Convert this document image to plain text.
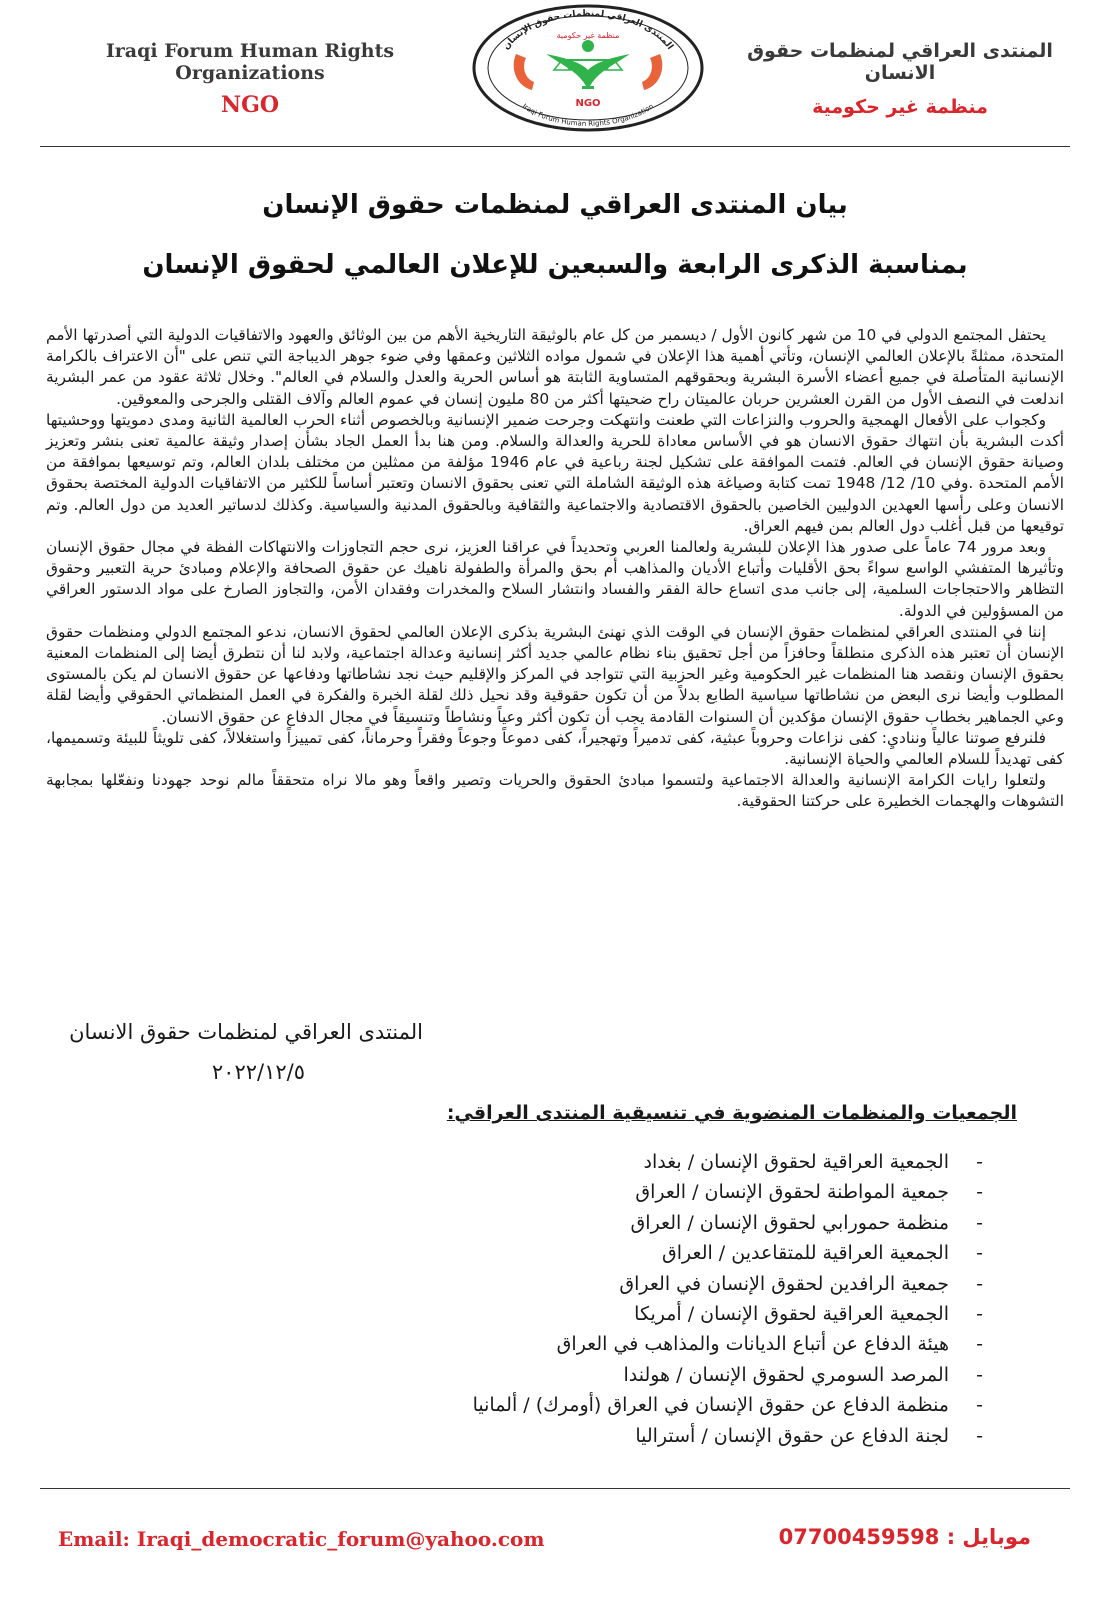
Iraqi Forum Human Rights Organizations
NGO
المنتدى العراقي لمنظمات حقوق الإنسان
منظمة غير حكومية
NGO
Iraqi Forum Human Rights Organization
المنتدى العراقي لمنظمات حقوق الانسان
منظمة غير حكومية
بيان المنتدى العراقي لمنظمات حقوق الإنسان
بمناسبة الذكرى الرابعة والسبعين للإعلان العالمي لحقوق الإنسان

يحتفل المجتمع الدولي في 10 من شهر كانون الأول / ديسمبر من كل عام بالوثيقة التاريخية الأهم من بين الوثائق والعهود والاتفاقيات الدولية التي أصدرتها الأمم المتحدة، ممثلةً بالإعلان العالمي الإنسان، وتأتي أهمية هذا الإعلان في شمول مواده الثلاثين وعمقها وفي ضوء جوهر الديباجة التي تنص على "أن الاعتراف بالكرامة الإنسانية المتأصلة في جميع أعضاء الأسرة البشرية وبحقوقهم المتساوية الثابتة هو أساس الحرية والعدل والسلام في العالم". وخلال ثلاثة عقود من عمر البشرية اندلعت في النصف الأول من القرن العشرين حربان عالميتان راح ضحيتها أكثر من 80 مليون إنسان في عموم العالم وآلاف القتلى والجرحى والمعوقين.

وكجواب على الأفعال الهمجية والحروب والنزاعات التي طعنت وانتهكت وجرحت ضمير الإنسانية وبالخصوص أثناء الحرب العالمية الثانية ومدى دمويتها ووحشيتها أكدت البشرية بأن انتهاك حقوق الانسان هو في الأساس معاداة للحرية والعدالة والسلام. ومن هنا بدأ العمل الجاد بشأن إصدار وثيقة عالمية تعنى بنشر وتعزيز وصيانة حقوق الإنسان في العالم. فتمت الموافقة على تشكيل لجنة رباعية في عام 1946 مؤلفة من ممثلين من مختلف بلدان العالم، وتم توسيعها بموافقة من الأمم المتحدة .وفي 10/ 12/ 1948 تمت كتابة وصياغة هذه الوثيقة الشاملة التي تعنى بحقوق الانسان وتعتبر أساساً للكثير من الاتفاقيات الدولية المختصة بحقوق الانسان وعلى رأسها العهدين الدوليين الخاصين بالحقوق الاقتصادية والاجتماعية والثقافية وبالحقوق المدنية والسياسية. وكذلك لدساتير العديد من دول العالم. وتم توقيعها من قبل أغلب دول العالم بمن فيهم العراق.

وبعد مرور 74 عاماً على صدور هذا الإعلان للبشرية ولعالمنا العربي وتحديداً في عراقنا العزيز، نرى حجم التجاوزات والانتهاكات الفظة في مجال حقوق الإنسان وتأثيرها المتفشي الواسع سواءً بحق الأقليات وأتباع الأديان والمذاهب أم بحق والمرأة والطفولة ناهيك عن حقوق الصحافة والإعلام ومبادئ حرية التعبير وحقوق التظاهر والاحتجاجات السلمية، إلى جانب مدى اتساع حالة الفقر والفساد وانتشار السلاح والمخدرات وفقدان الأمن، والتجاوز الصارخ على مواد الدستور العراقي من المسؤولين في الدولة.

إننا في المنتدى العراقي لمنظمات حقوق الإنسان في الوقت الذي نهنئ البشرية بذكرى الإعلان العالمي لحقوق الانسان، ندعو المجتمع الدولي ومنظمات حقوق الإنسان أن تعتبر هذه الذكرى منطلقاً وحافزاً من أجل تحقيق بناء نظام عالمي جديد أكثر إنسانية وعدالة اجتماعية، ولابد لنا أن نتطرق أيضا إلى المنظمات المعنية بحقوق الإنسان ونقصد هنا المنظمات غير الحكومية وغير الحزبية التي تتواجد في المركز والإقليم حيث نجد نشاطاتها ودفاعها عن حقوق الانسان لم يكن بالمستوى المطلوب وأيضا نرى البعض من نشاطاتها سياسية الطابع بدلاً من أن تكون حقوقية وقد نحيل ذلك لقلة الخبرة والفكرة في العمل المنظماتي الحقوقي وأيضا لقلة وعي الجماهير بخطاب حقوق الإنسان مؤكدين أن السنوات القادمة يجب أن تكون أكثر وعياً ونشاطاً وتنسيقاً في مجال الدفاع عن حقوق الانسان.

فلنرفع صوتنا عالياً ونناديِ: كفى نزاعات وحروباً عبثية، كفى تدميراً وتهجيراً، كفى دموعاً وجوعاً وفقراً وحرماناً، كفى تمييزاً واستغلالاً، كفى تلويثاً للبيئة وتسميمها، كفى تهديداً للسلام العالمي والحياة الإنسانية.

ولتعلوا رايات الكرامة الإنسانية والعدالة الاجتماعية ولتسموا مبادئ الحقوق والحريات وتصير واقعاً وهو مالا نراه متحققاً مالم نوحد جهودنا ونفعّلها بمجابهة التشوهات والهجمات الخطيرة على حركتنا الحقوقية.

المنتدى العراقي لمنظمات حقوق الانسان
٢٠٢٢/١٢/٥
الجمعيات والمنظمات المنضوية في تنسيقية المنتدى العراقي:
-الجمعية العراقية لحقوق الإنسان / بغداد
-جمعية المواطنة لحقوق الإنسان / العراق
-منظمة حمورابي لحقوق الإنسان / العراق
-الجمعية العراقية للمتقاعدين / العراق
-جمعية الرافدين لحقوق الإنسان في العراق
-الجمعية العراقية لحقوق الإنسان / أمريكا
-هيئة الدفاع عن أتباع الديانات والمذاهب في العراق
-المرصد السومري لحقوق الإنسان / هولندا
-منظمة الدفاع عن حقوق الإنسان في العراق (أومرك) / ألمانيا
-لجنة الدفاع عن حقوق الإنسان / أستراليا
Email: Iraqi_democratic_forum@yahoo.com	موبايل : 07700459598
